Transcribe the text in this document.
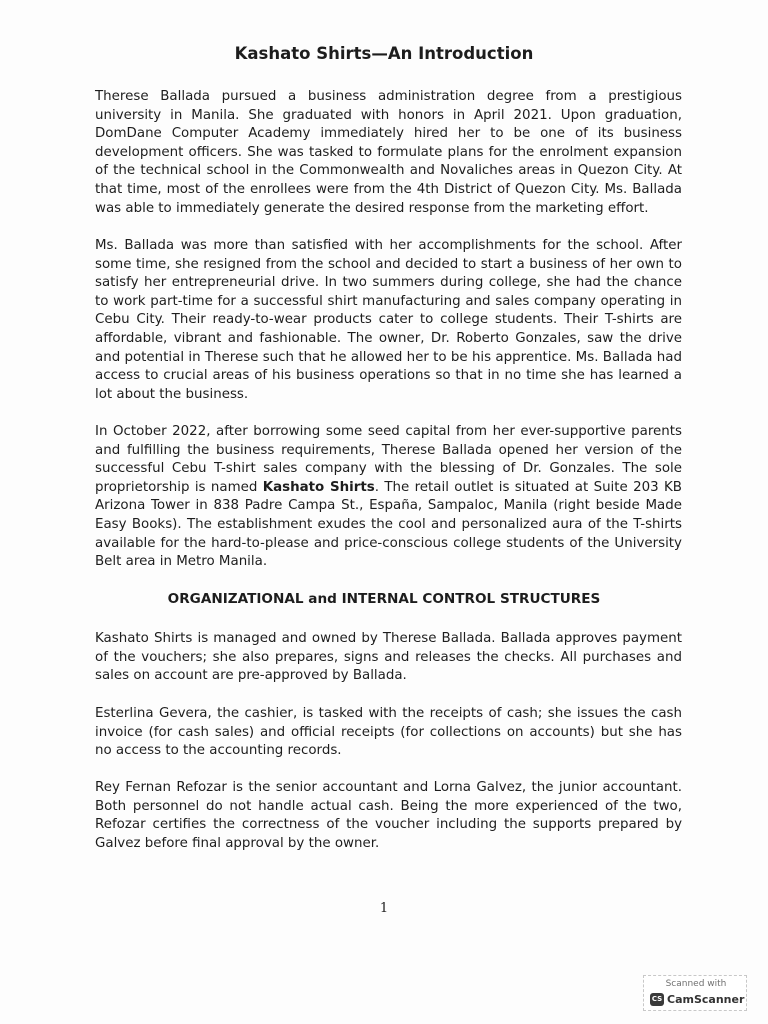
Kashato Shirts—An Introduction

Therese Ballada pursued a business administration degree from a prestigious university in Manila. She graduated with honors in April 2021. Upon graduation, DomDane Computer Academy immediately hired her to be one of its business development officers. She was tasked to formulate plans for the enrolment expansion of the technical school in the Commonwealth and Novaliches areas in Quezon City. At that time, most of the enrollees were from the 4th District of Quezon City. Ms. Ballada was able to immediately generate the desired response from the marketing effort.

Ms. Ballada was more than satisfied with her accomplishments for the school. After some time, she resigned from the school and decided to start a business of her own to satisfy her entrepreneurial drive. In two summers during college, she had the chance to work part-time for a successful shirt manufacturing and sales company operating in Cebu City. Their ready-to-wear products cater to college students. Their T-shirts are affordable, vibrant and fashionable. The owner, Dr. Roberto Gonzales, saw the drive and potential in Therese such that he allowed her to be his apprentice. Ms. Ballada had access to crucial areas of his business operations so that in no time she has learned a lot about the business.

In October 2022, after borrowing some seed capital from her ever-supportive parents and fulfilling the business requirements, Therese Ballada opened her version of the successful Cebu T-shirt sales company with the blessing of Dr. Gonzales. The sole proprietorship is named Kashato Shirts. The retail outlet is situated at Suite 203 KB Arizona Tower in 838 Padre Campa St., España, Sampaloc, Manila (right beside Made Easy Books). The establishment exudes the cool and personalized aura of the T-shirts available for the hard-to-please and price-conscious college students of the University Belt area in Metro Manila.

ORGANIZATIONAL and INTERNAL CONTROL STRUCTURES

Kashato Shirts is managed and owned by Therese Ballada. Ballada approves payment of the vouchers; she also prepares, signs and releases the checks. All purchases and sales on account are pre-approved by Ballada.

Esterlina Gevera, the cashier, is tasked with the receipts of cash; she issues the cash invoice (for cash sales) and official receipts (for collections on accounts) but she has no access to the accounting records.

Rey Fernan Refozar is the senior accountant and Lorna Galvez, the junior accountant. Both personnel do not handle actual cash. Being the more experienced of the two, Refozar certifies the correctness of the voucher including the supports prepared by Galvez before final approval by the owner.

1
Scanned with
CS CamScanner
